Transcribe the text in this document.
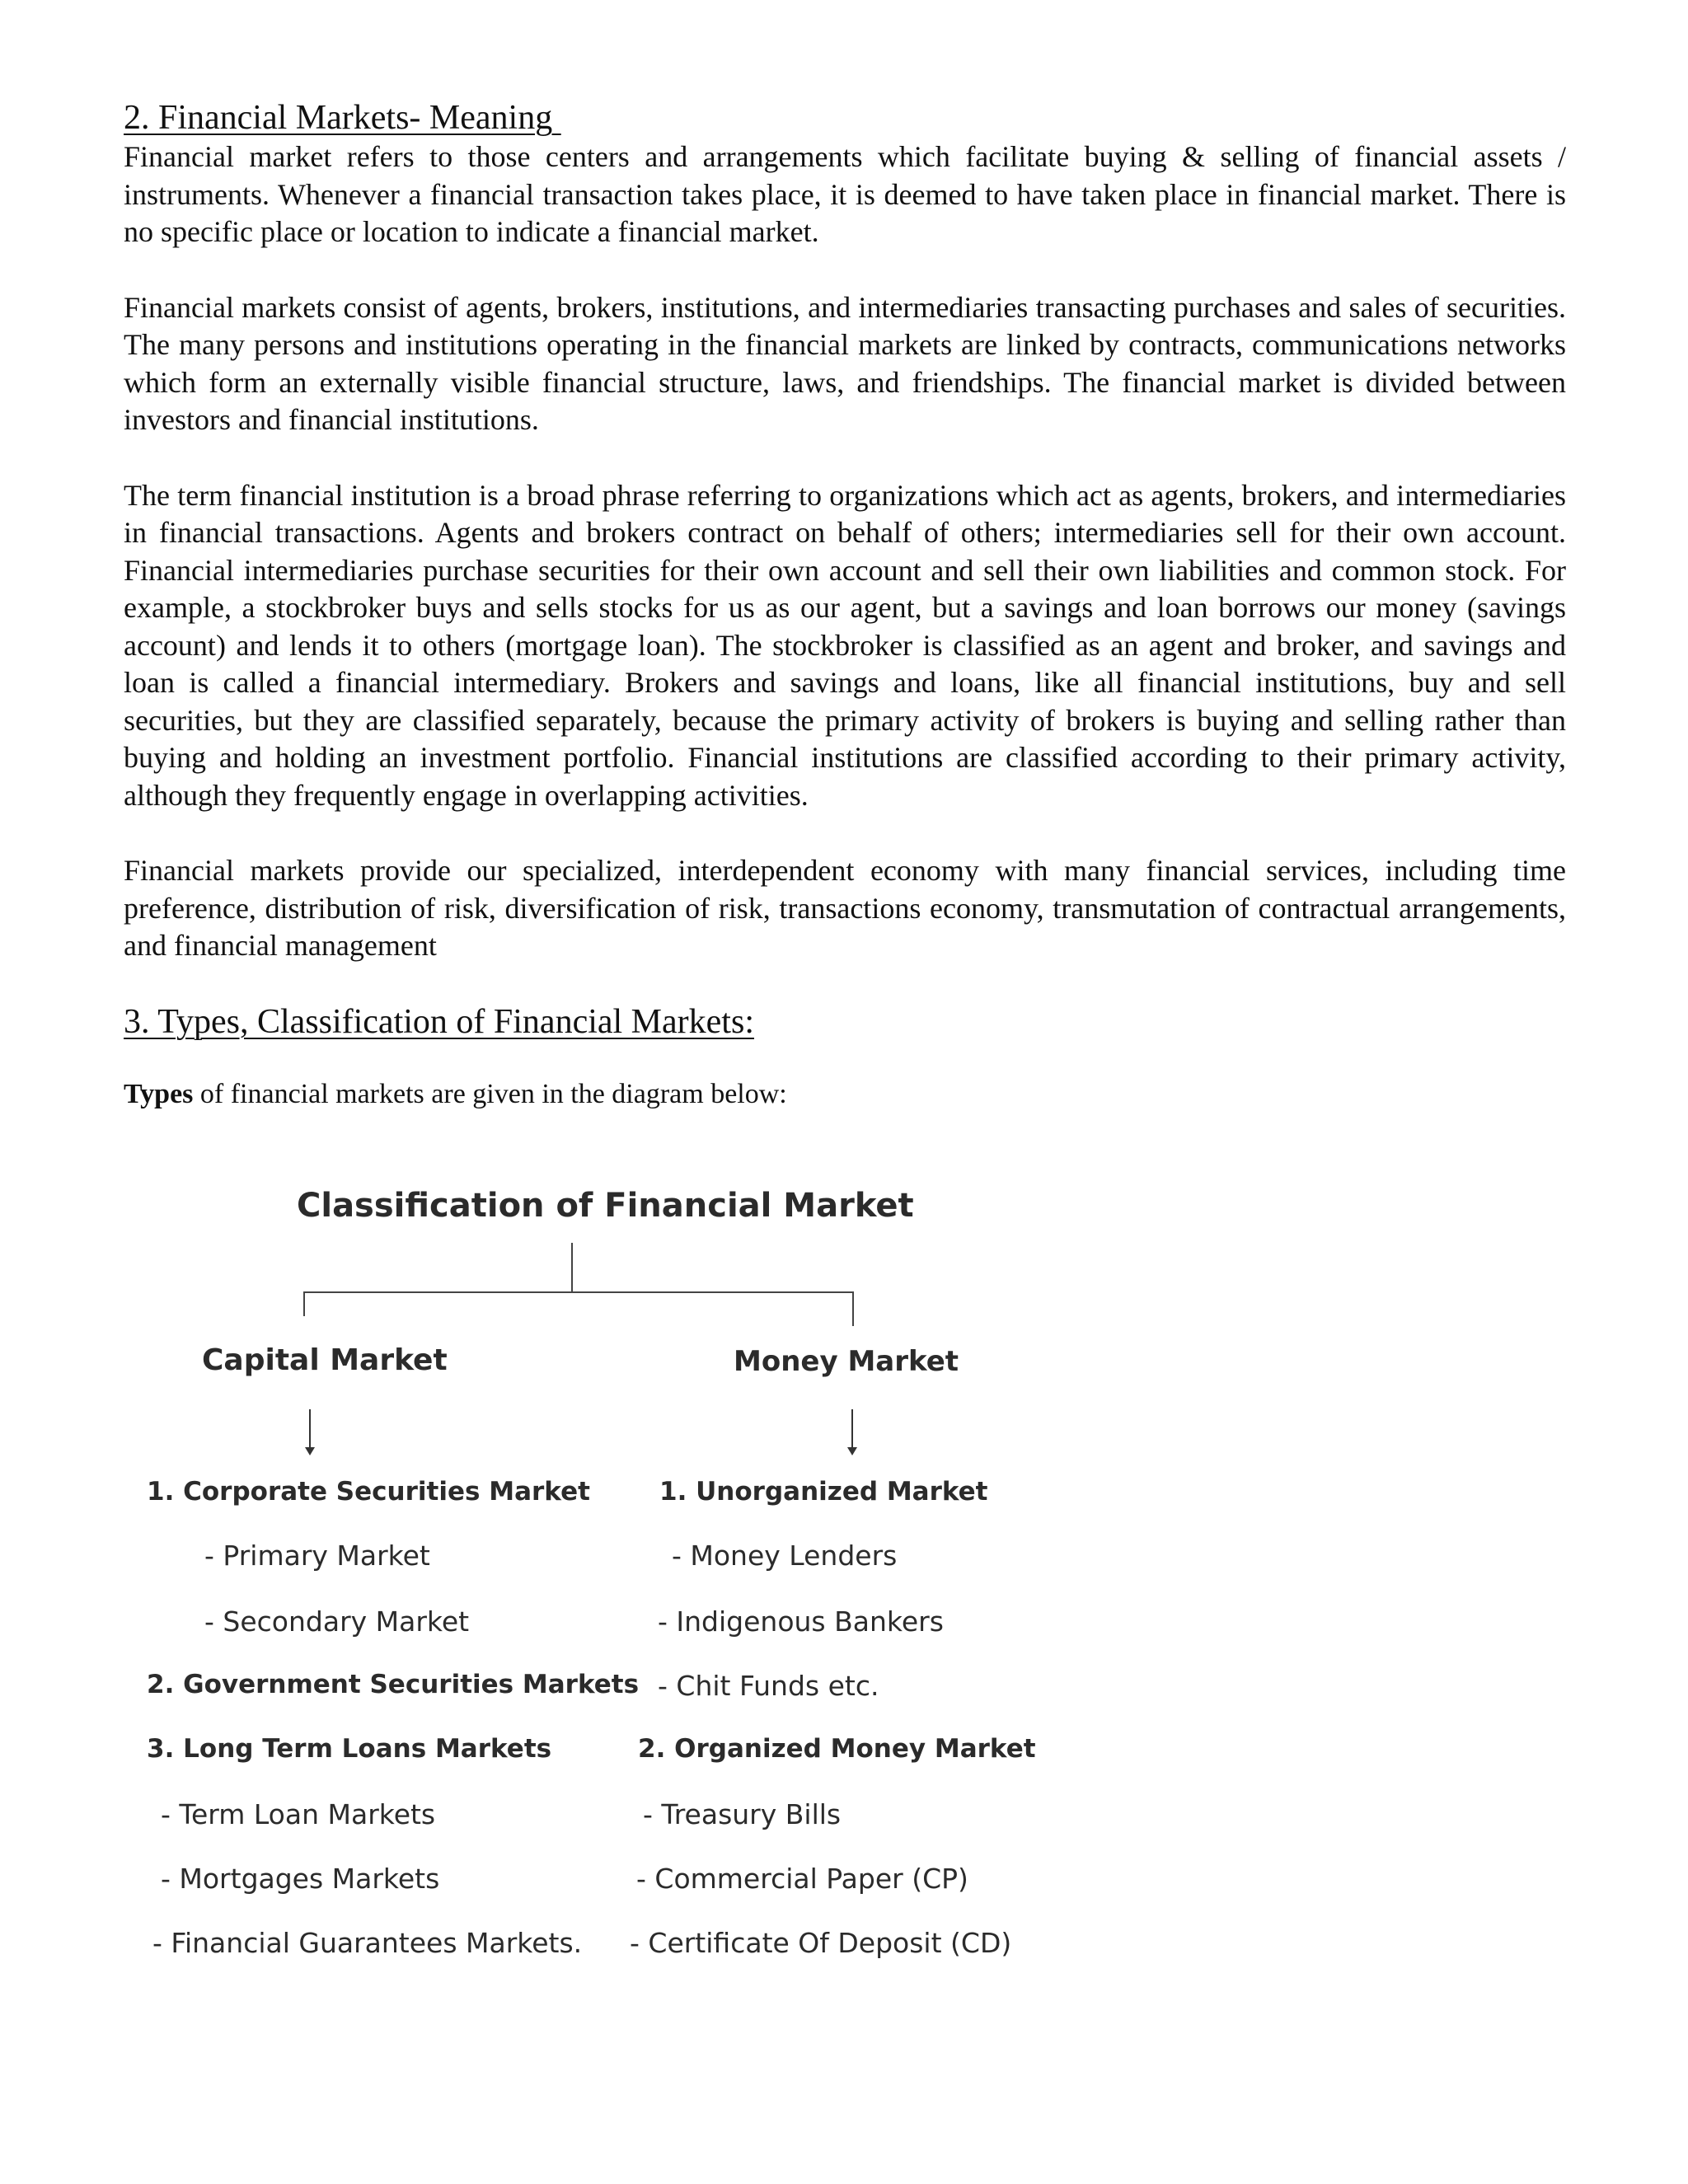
2. Financial Markets- Meaning

Financial market refers to those centers and arrangements which facilitate buying & selling of financial assets / instruments. Whenever a financial transaction takes place, it is deemed to have taken place in financial market. There is no specific place or location to indicate a financial market.

Financial markets consist of agents, brokers, institutions, and intermediaries transacting purchases and sales of securities. The many persons and institutions operating in the financial markets are linked by contracts, communications networks which form an externally visible financial structure, laws, and friendships. The financial market is divided between investors and financial institutions.

The term financial institution is a broad phrase referring to organizations which act as agents, brokers, and intermediaries in financial transactions. Agents and brokers contract on behalf of others; intermediaries sell for their own account. Financial intermediaries purchase securities for their own account and sell their own liabilities and common stock. For example, a stockbroker buys and sells stocks for us as our agent, but a savings and loan borrows our money (savings account) and lends it to others (mortgage loan). The stockbroker is classified as an agent and broker, and savings and loan is called a financial intermediary. Brokers and savings and loans, like all financial institutions, buy and sell securities, but they are classified separately, because the primary activity of brokers is buying and selling rather than buying and holding an investment portfolio. Financial institutions are classified according to their primary activity, although they frequently engage in overlapping activities.

Financial markets provide our specialized, interdependent economy with many financial services, including time preference, distribution of risk, diversification of risk, transactions economy, transmutation of contractual arrangements, and financial management

3. Types, Classification of Financial Markets:

Types of financial markets are given in the diagram below:

Classification of Financial Market
Capital Market	Money Market
1. Corporate Securities Market
- Primary Market
- Secondary Market
2. Government Securities Markets
3. Long Term Loans Markets
- Term Loan Markets
- Mortgages Markets
- Financial Guarantees Markets.
1. Unorganized Market
- Money Lenders
- Indigenous Bankers
- Chit Funds etc.
2. Organized Money Market
- Treasury Bills
- Commercial Paper (CP)
- Certificate Of Deposit (CD)
